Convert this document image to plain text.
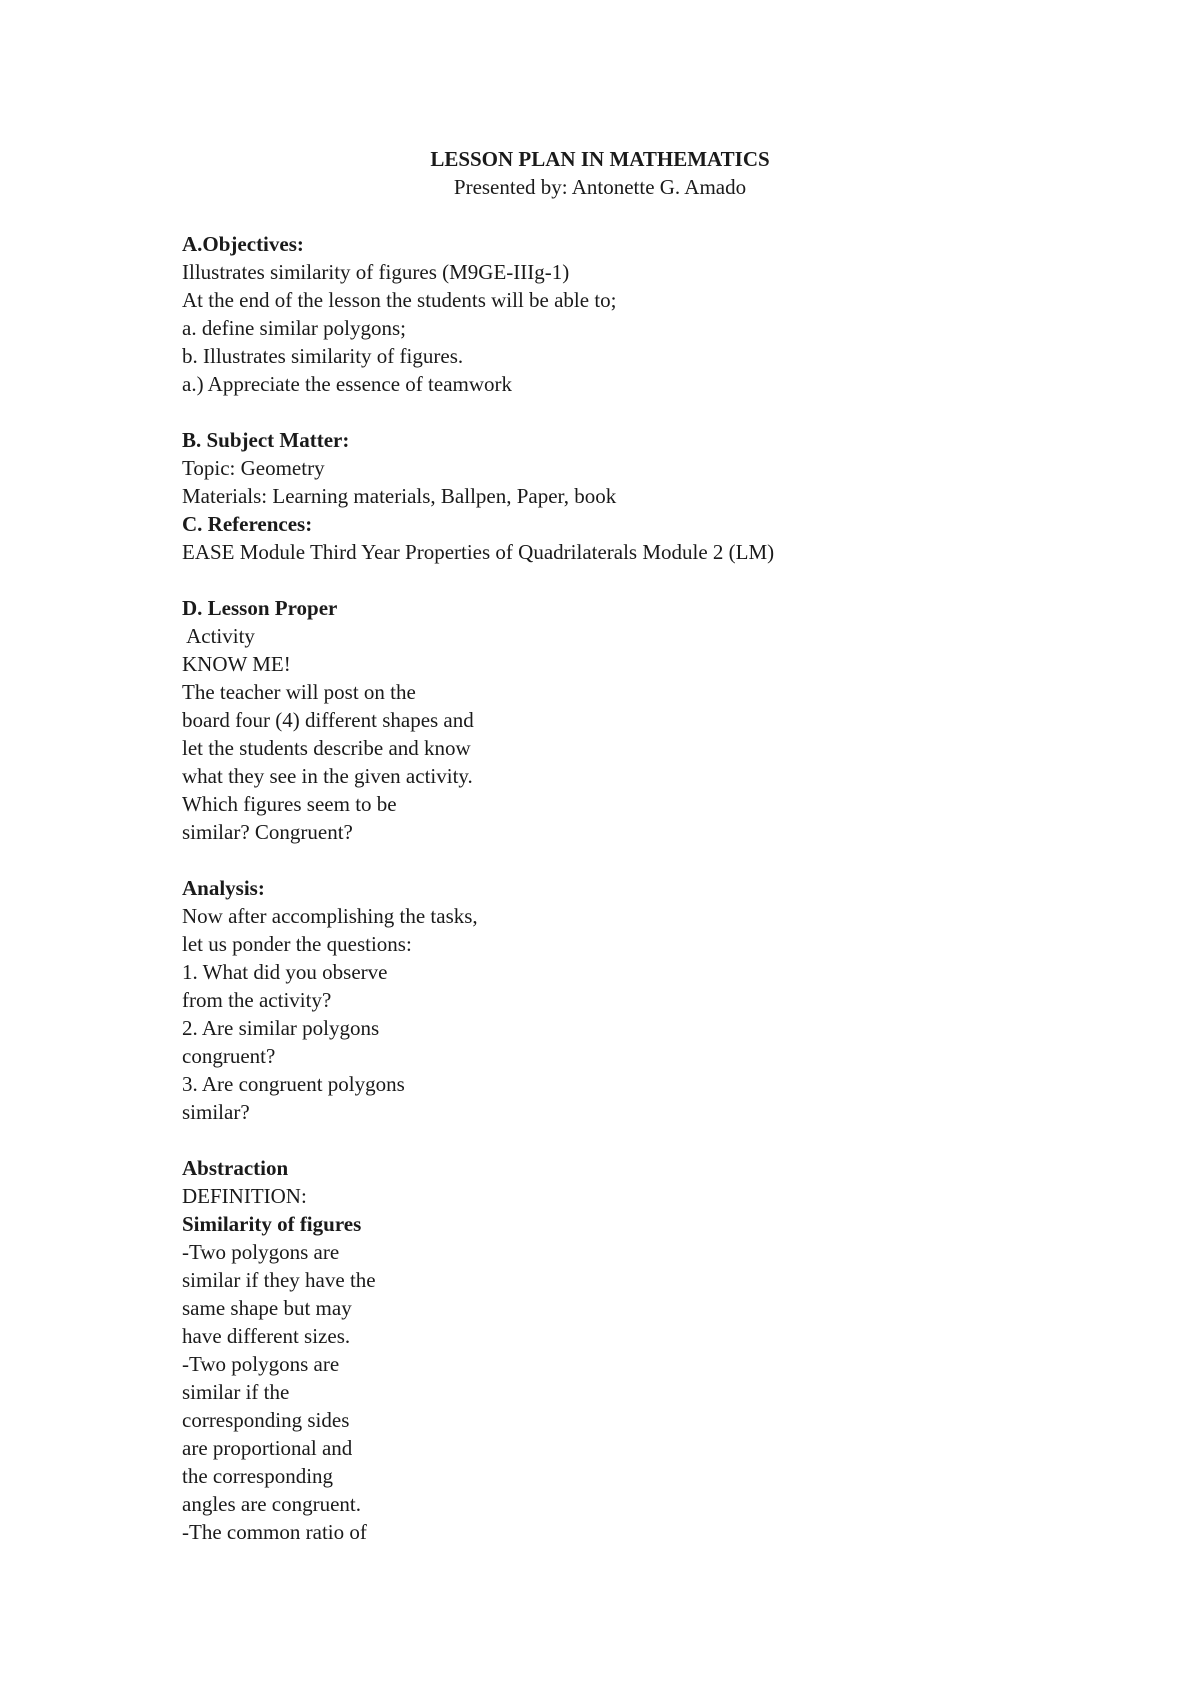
LESSON PLAN IN MATHEMATICS
Presented by: Antonette G. Amado
A.Objectives:
Illustrates similarity of figures (M9GE-IIIg-1)
At the end of the lesson the students will be able to;
a. define similar polygons;
b. Illustrates similarity of figures.
a.) Appreciate the essence of teamwork
B. Subject Matter:
Topic: Geometry
Materials: Learning materials, Ballpen, Paper, book
C. References:
EASE Module Third Year Properties of Quadrilaterals Module 2 (LM)
D. Lesson Proper
Activity
KNOW ME!
The teacher will post on the
board four (4) different shapes and
let the students describe and know
what they see in the given activity.
Which figures seem to be
similar? Congruent?
Analysis:
Now after accomplishing the tasks,
let us ponder the questions:
1. What did you observe
from the activity?
2. Are similar polygons
congruent?
3. Are congruent polygons
similar?
Abstraction
DEFINITION:
Similarity of figures
-Two polygons are
similar if they have the
same shape but may
have different sizes.
-Two polygons are
similar if the
corresponding sides
are proportional and
the corresponding
angles are congruent.
-The common ratio of
